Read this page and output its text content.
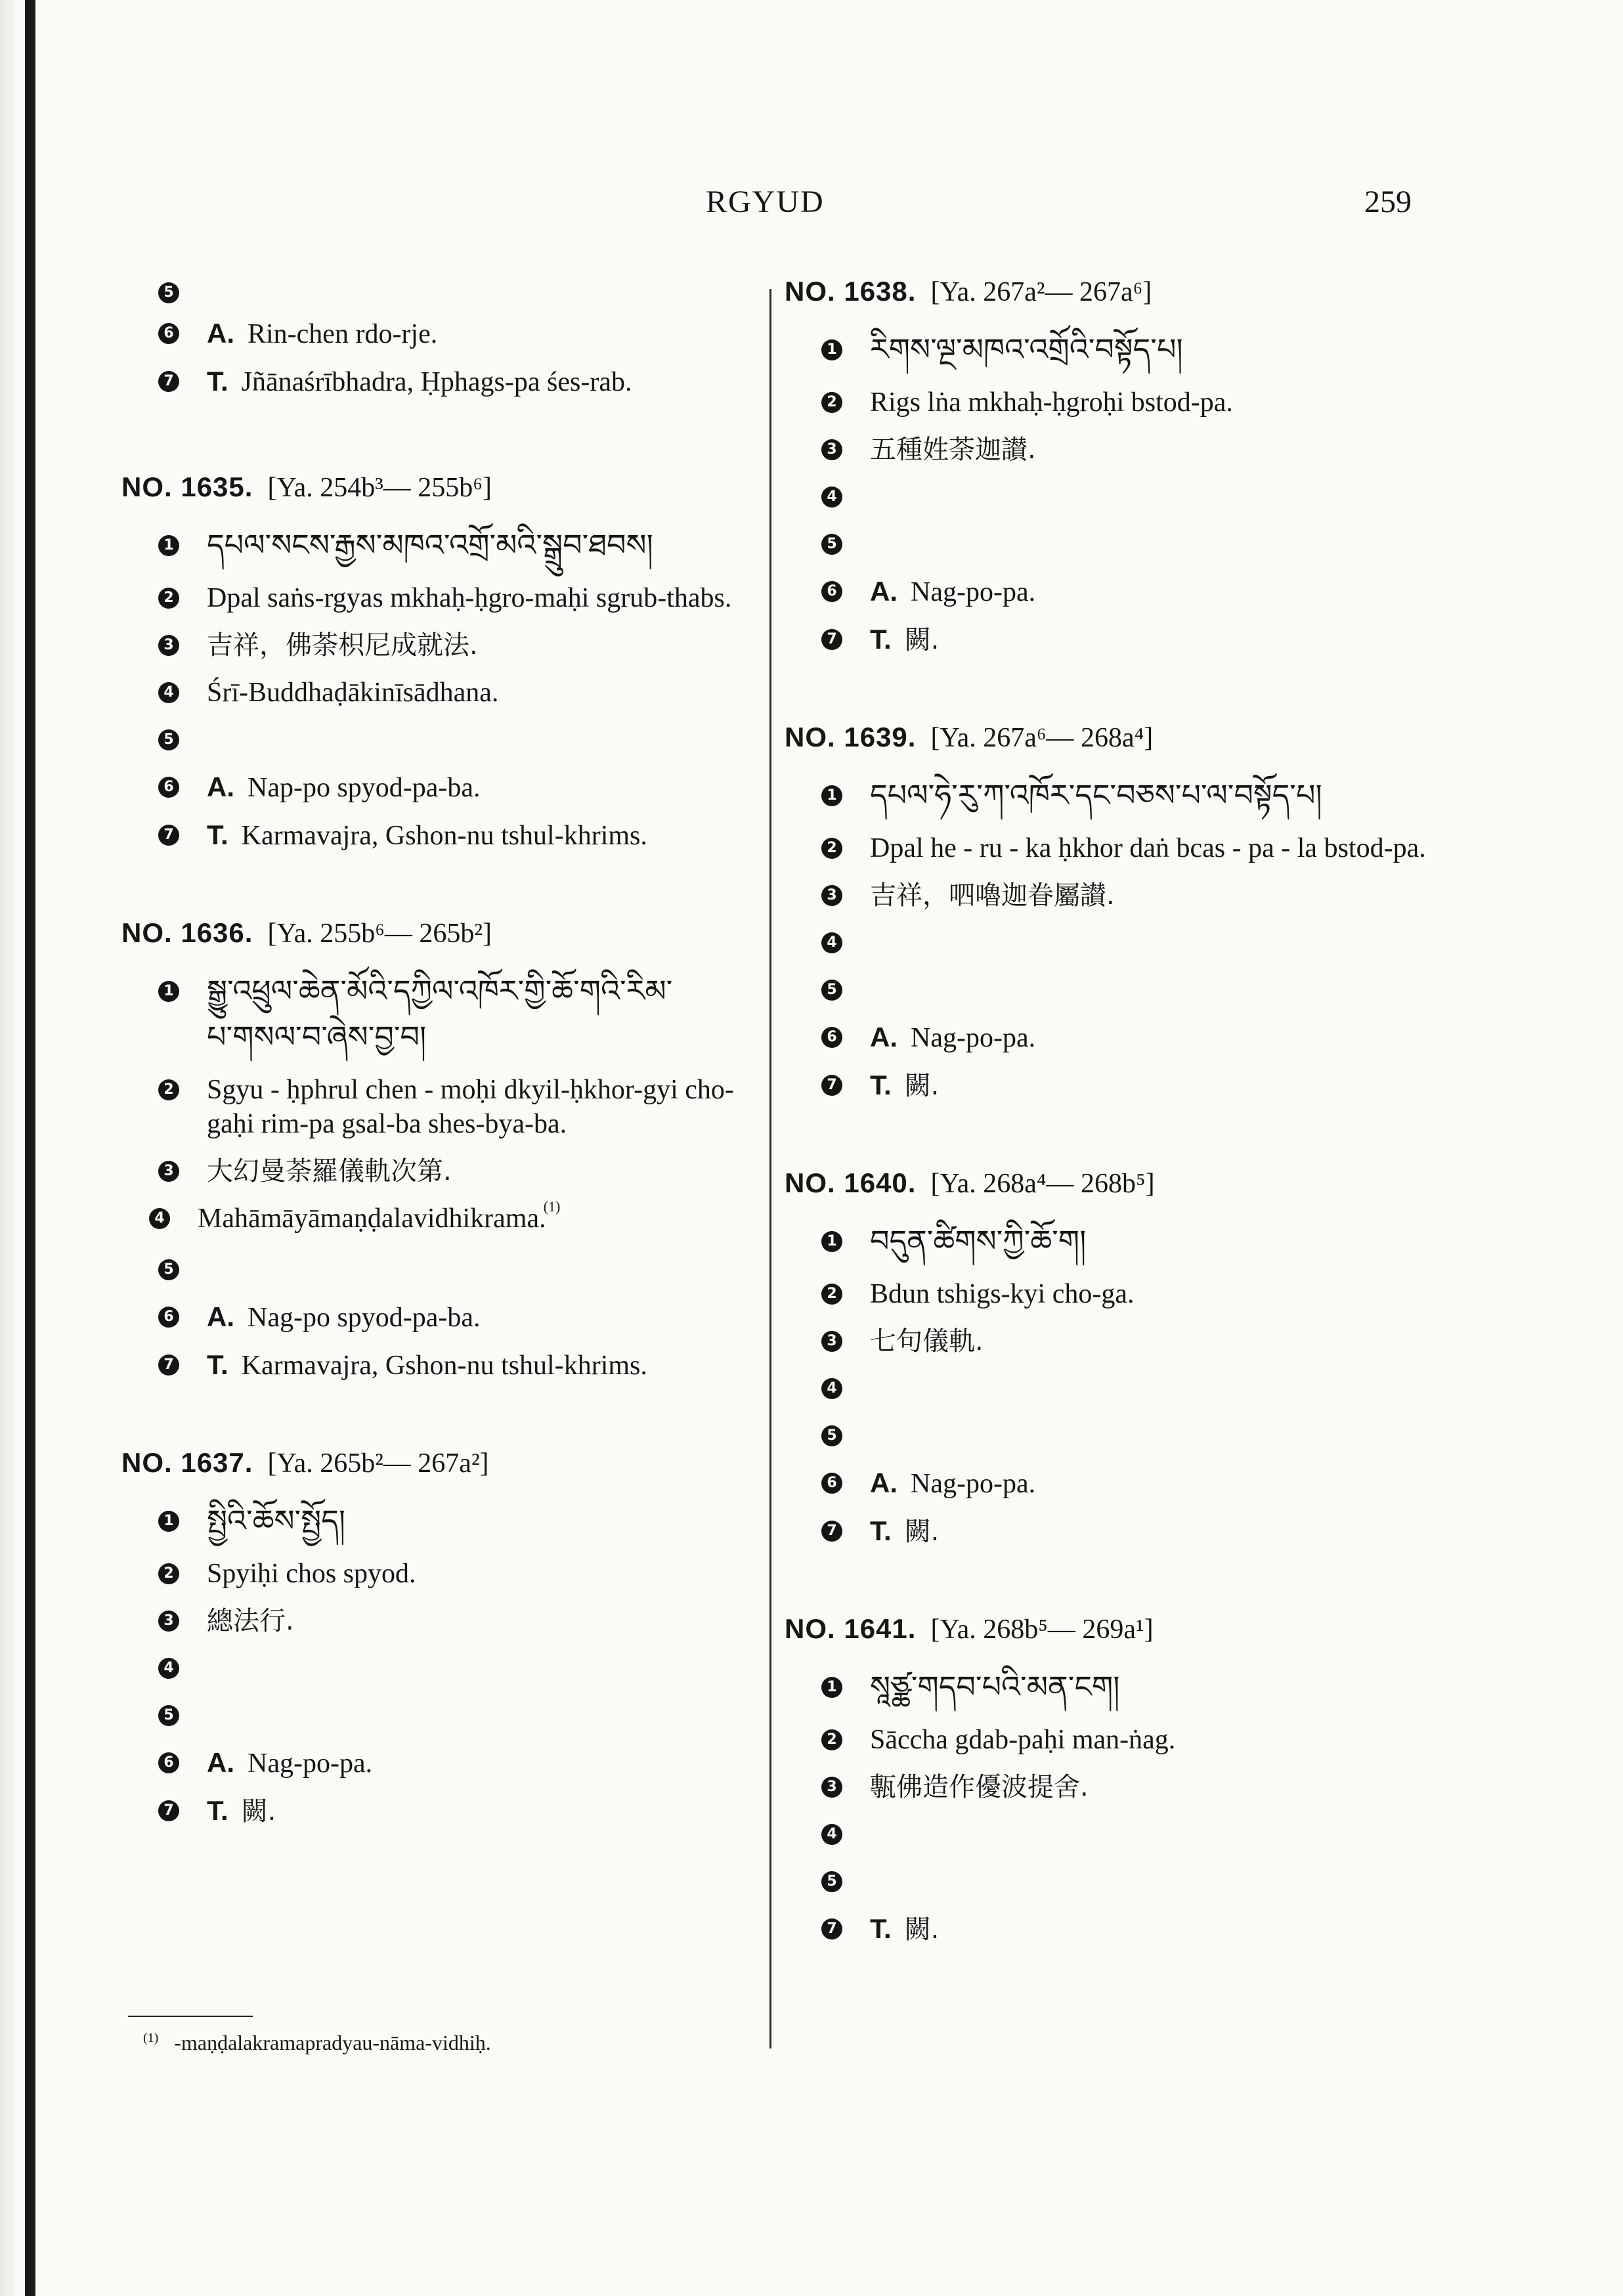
RGYUD	259
5
6 A. Rin-chen rdo-rje.
7 T. Jñānaśrībhadra, Ḥphags-pa śes-rab.
NO. 1635. [Ya. 254b³— 255b⁶]
1 དཔལ་སངས་རྒྱས་མཁའ་འགྲོ་མའི་སྒྲུབ་ཐབས།
2 Dpal saṅs-rgyas mkhaḥ-ḥgro-maḥi sgrub-thabs.
3 吉祥，佛荼枳尼成就法.
4 Śrī-Buddhaḍākinīsādhana.
5
6 A. Nap-po spyod-pa-ba.
7 T. Karmavajra, Gshon-nu tshul-khrims.
NO. 1636. [Ya. 255b⁶— 265b²]
1 སྒྱུ་འཕྲུལ་ཆེན་མོའི་དཀྱིལ་འཁོར་གྱི་ཆོ་གའི་རིམ་
པ་གསལ་བ་ཞེས་བྱ་བ།
2 Sgyu - ḥphrul chen - moḥi dkyil-ḥkhor-gyi cho-gaḥi rim-pa gsal-ba shes-bya-ba.
3 大幻曼荼羅儀軌次第.
4 Mahāmāyāmaṇḍalavidhikrama.$^{(1)}$
5
6 A. Nag-po spyod-pa-ba.
7 T. Karmavajra, Gshon-nu tshul-khrims.
NO. 1637. [Ya. 265b²— 267a²]
1 སྤྱིའི་ཆོས་སྤྱོད།
2 Spyiḥi chos spyod.
3 總法行.
4
5
6 A. Nag-po-pa.
7 T. 闕.
NO. 1638. [Ya. 267a²— 267a⁶]
1 རིགས་ལྔ་མཁའ་འགྲོའི་བསྟོད་པ།
2 Rigs lṅa mkhaḥ-ḥgroḥi bstod-pa.
3 五種姓荼迦讃.
4
5
6 A. Nag-po-pa.
7 T. 闕.
NO. 1639. [Ya. 267a⁶— 268a⁴]
1 དཔལ་ཧེ་རུ་ཀ་འཁོར་དང་བཅས་པ་ལ་བསྟོད་པ།
2 Dpal he - ru - ka ḥkhor daṅ bcas - pa - la bstod-pa.
3 吉祥，呬嚕迦眷屬讃.
4
5
6 A. Nag-po-pa.
7 T. 闕.
NO. 1640. [Ya. 268a⁴— 268b⁵]
1 བདུན་ཚིགས་ཀྱི་ཆོ་ག།
2 Bdun tshigs-kyi cho-ga.
3 七句儀軌.
4
5
6 A. Nag-po-pa.
7 T. 闕.
NO. 1641. [Ya. 268b⁵— 269a¹]
1 སཱཙྪ་གདབ་པའི་མན་ངག།
2 Sāccha gdab-paḥi man-ṅag.
3 甎佛造作優波提舍.
4
5
7 T. 闕.
$^{(1)}$ -maṇḍalakramapradyau-nāma-vidhiḥ.
